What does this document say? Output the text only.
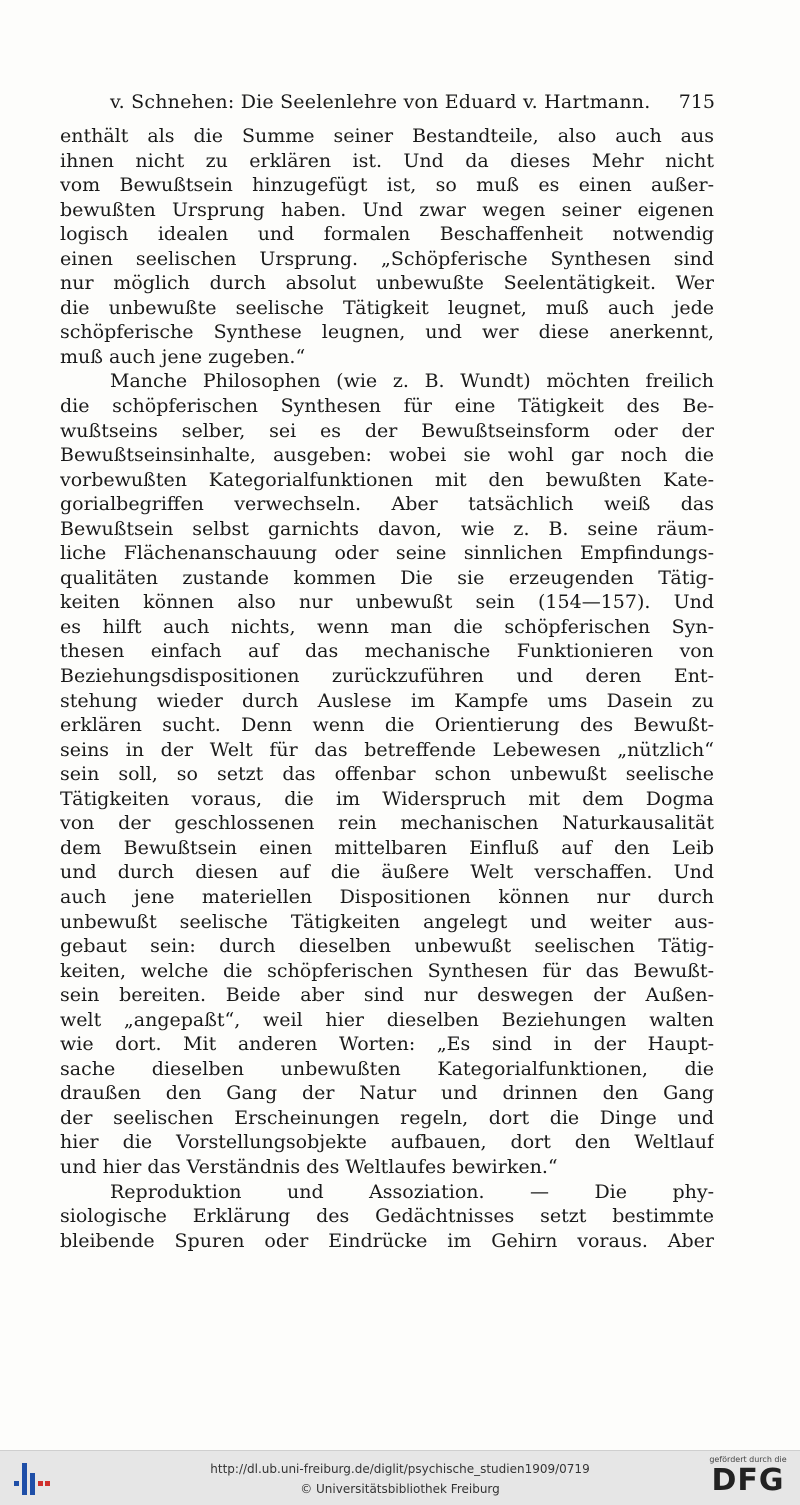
v. Schnehen: Die Seelenlehre von Eduard v. Hartmann. 715
enthält als die Summe seiner Bestandteile, also auch aus
ihnen nicht zu erklären ist. Und da dieses Mehr nicht
vom Bewußtsein hinzugefügt ist, so muß es einen außer-
bewußten Ursprung haben. Und zwar wegen seiner eigenen
logisch idealen und formalen Beschaffenheit notwendig
einen seelischen Ursprung. „Schöpferische Synthesen sind
nur möglich durch absolut unbewußte Seelentätigkeit. Wer
die unbewußte seelische Tätigkeit leugnet, muß auch jede
schöpferische Synthese leugnen, und wer diese anerkennt,
muß auch jene zugeben.“
Manche Philosophen (wie z. B. Wundt) möchten freilich
die schöpferischen Synthesen für eine Tätigkeit des Be-
wußtseins selber, sei es der Bewußtseinsform oder der
Bewußtseinsinhalte, ausgeben: wobei sie wohl gar noch die
vorbewußten Kategorialfunktionen mit den bewußten Kate-
gorialbegriffen verwechseln. Aber tatsächlich weiß das
Bewußtsein selbst garnichts davon, wie z. B. seine räum-
liche Flächenanschauung oder seine sinnlichen Empfindungs-
qualitäten zustande kommen Die sie erzeugenden Tätig-
keiten können also nur unbewußt sein (154—157). Und
es hilft auch nichts, wenn man die schöpferischen Syn-
thesen einfach auf das mechanische Funktionieren von
Beziehungsdispositionen zurückzuführen und deren Ent-
stehung wieder durch Auslese im Kampfe ums Dasein zu
erklären sucht. Denn wenn die Orientierung des Bewußt-
seins in der Welt für das betreffende Lebewesen „nützlich“
sein soll, so setzt das offenbar schon unbewußt seelische
Tätigkeiten voraus, die im Widerspruch mit dem Dogma
von der geschlossenen rein mechanischen Naturkausalität
dem Bewußtsein einen mittelbaren Einfluß auf den Leib
und durch diesen auf die äußere Welt verschaffen. Und
auch jene materiellen Dispositionen können nur durch
unbewußt seelische Tätigkeiten angelegt und weiter aus-
gebaut sein: durch dieselben unbewußt seelischen Tätig-
keiten, welche die schöpferischen Synthesen für das Bewußt-
sein bereiten. Beide aber sind nur deswegen der Außen-
welt „angepaßt“, weil hier dieselben Beziehungen walten
wie dort. Mit anderen Worten: „Es sind in der Haupt-
sache dieselben unbewußten Kategorialfunktionen, die
draußen den Gang der Natur und drinnen den Gang
der seelischen Erscheinungen regeln, dort die Dinge und
hier die Vorstellungsobjekte aufbauen, dort den Weltlauf
und hier das Verständnis des Weltlaufes bewirken.“
Reproduktion und Assoziation. — Die phy-
siologische Erklärung des Gedächtnisses setzt bestimmte
bleibende Spuren oder Eindrücke im Gehirn voraus. Aber
http://dl.ub.uni-freiburg.de/diglit/psychische_studien1909/0719
© Universitätsbibliothek Freiburg
gefördert durch die
DFG
